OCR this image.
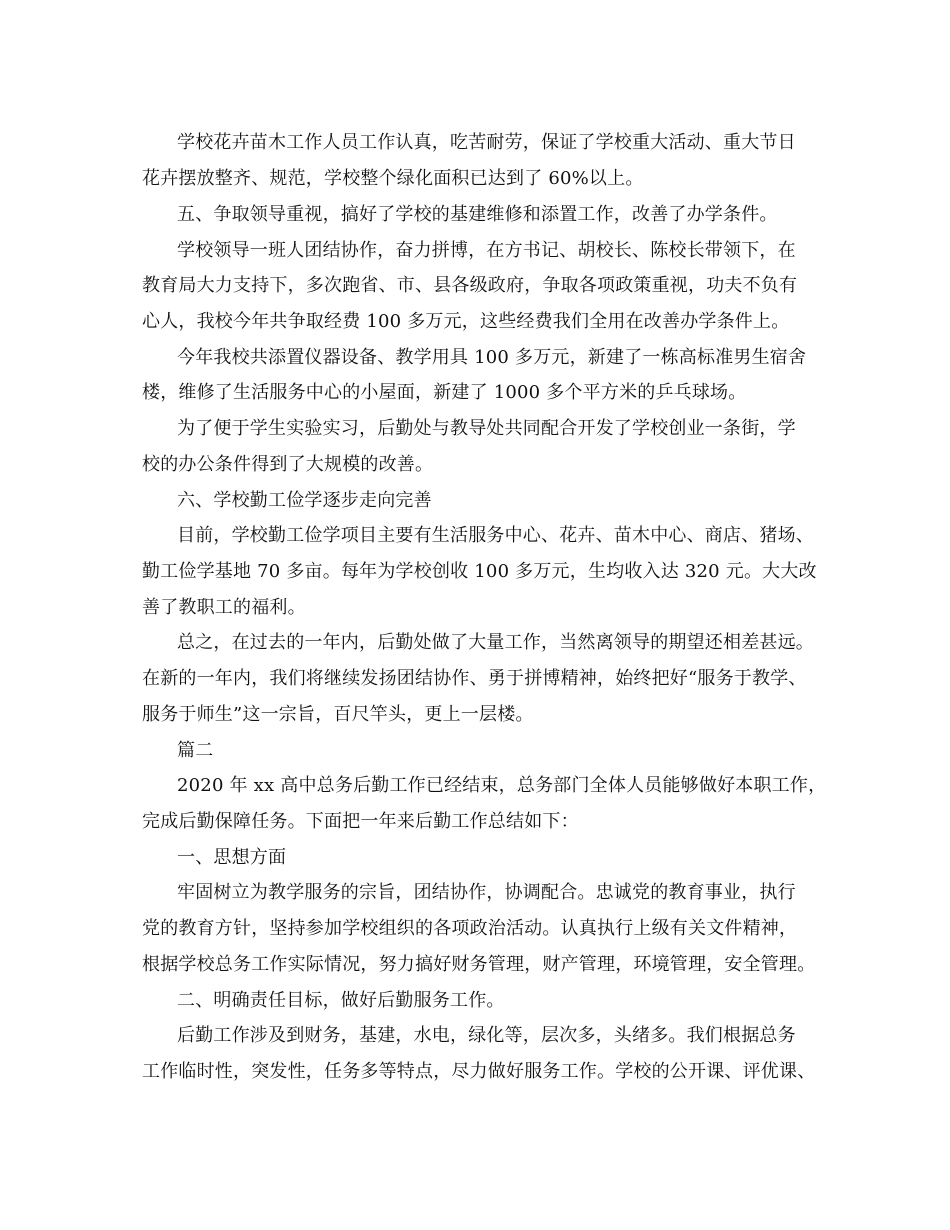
学校花卉苗木工作人员工作认真，吃苦耐劳，保证了学校重大活动、重大节日
花卉摆放整齐、规范，学校整个绿化面积已达到了 60%以上。
五、争取领导重视，搞好了学校的基建维修和添置工作，改善了办学条件。
学校领导一班人团结协作，奋力拼博，在方书记、胡校长、陈校长带领下，在
教育局大力支持下，多次跑省、市、县各级政府，争取各项政策重视，功夫不负有
心人，我校今年共争取经费 100 多万元，这些经费我们全用在改善办学条件上。
今年我校共添置仪器设备、教学用具 100 多万元，新建了一栋高标准男生宿舍
楼，维修了生活服务中心的小屋面，新建了 1000 多个平方米的乒乓球场。
为了便于学生实验实习，后勤处与教导处共同配合开发了学校创业一条街，学
校的办公条件得到了大规模的改善。
六、学校勤工俭学逐步走向完善
目前，学校勤工俭学项目主要有生活服务中心、花卉、苗木中心、商店、猪场、
勤工俭学基地 70 多亩。每年为学校创收 100 多万元，生均收入达 320 元。大大改
善了教职工的福利。
总之，在过去的一年内，后勤处做了大量工作，当然离领导的期望还相差甚远。
在新的一年内，我们将继续发扬团结协作、勇于拼博精神，始终把好“服务于教学、
服务于师生”这一宗旨，百尺竿头，更上一层楼。
篇二
2020 年 xx 高中总务后勤工作已经结束，总务部门全体人员能够做好本职工作，
完成后勤保障任务。下面把一年来后勤工作总结如下：
一、思想方面
牢固树立为教学服务的宗旨，团结协作，协调配合。忠诚党的教育事业，执行
党的教育方针，坚持参加学校组织的各项政治活动。认真执行上级有关文件精神，
根据学校总务工作实际情况，努力搞好财务管理，财产管理，环境管理，安全管理。
二、明确责任目标，做好后勤服务工作。
后勤工作涉及到财务，基建，水电，绿化等，层次多，头绪多。我们根据总务
工作临时性，突发性，任务多等特点，尽力做好服务工作。学校的公开课、评优课、
